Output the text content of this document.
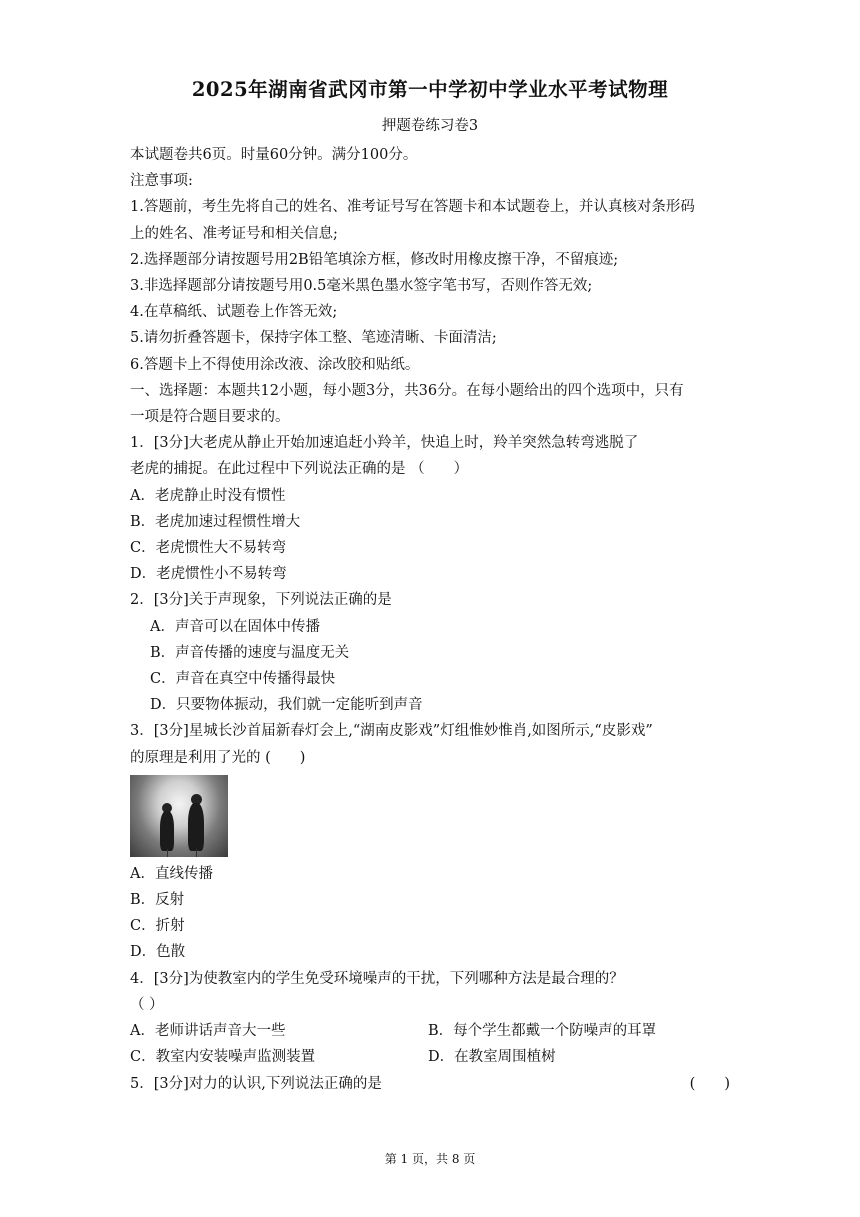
2025年湖南省武冈市第一中学初中学业水平考试物理
押题卷练习卷3
本试题卷共6页。时量60分钟。满分100分。
注意事项:
1.答题前，考生先将自己的姓名、准考证号写在答题卡和本试题卷上，并认真核对条形码
上的姓名、准考证号和相关信息;
2.选择题部分请按题号用2B铅笔填涂方框，修改时用橡皮擦干净，不留痕迹;
3.非选择题部分请按题号用0.5毫米黑色墨水签字笔书写，否则作答无效;
4.在草稿纸、试题卷上作答无效;
5.请勿折叠答题卡，保持字体工整、笔迹清晰、卡面清洁;
6.答题卡上不得使用涂改液、涂改胶和贴纸。
一、选择题：本题共12小题，每小题3分，共36分。在每小题给出的四个选项中，只有
一项是符合题目要求的。
1．[3分]大老虎从静止开始加速追赶小羚羊，快追上时，羚羊突然急转弯逃脱了
老虎的捕捉。在此过程中下列说法正确的是 （　　）
A．老虎静止时没有惯性
B．老虎加速过程惯性增大
C．老虎惯性大不易转弯
D．老虎惯性小不易转弯
2．[3分]关于声现象，下列说法正确的是
A．声音可以在固体中传播
B．声音传播的速度与温度无关
C．声音在真空中传播得最快
D．只要物体振动，我们就一定能听到声音
3．[3分]星城长沙首届新春灯会上,“湖南皮影戏”灯组惟妙惟肖,如图所示,“皮影戏”
的原理是利用了光的 (　　)
A．直线传播
B．反射
C．折射
D．色散
4．[3分]为使教室内的学生免受环境噪声的干扰，下列哪种方法是最合理的？
（ ）
A．老师讲话声音大一些	B．每个学生都戴一个防噪声的耳罩
C．教室内安装噪声监测装置	D．在教室周围植树
5．[3分]对力的认识,下列说法正确的是	(　　)
第 1 页，共 8 页
